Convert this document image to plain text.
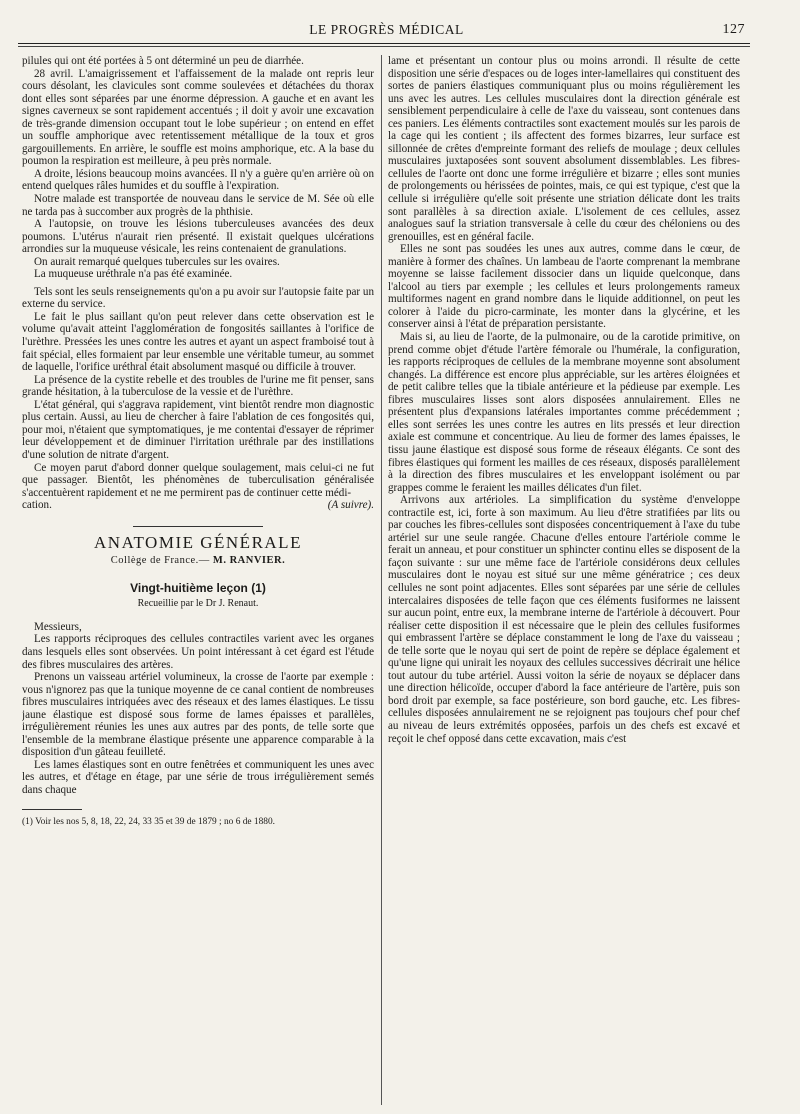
LE PROGRÈS MÉDICAL	127

pilules qui ont été portées à 5 ont déterminé un peu de diarrhée.

28 avril. L'amaigrissement et l'affaissement de la malade ont repris leur cours désolant, les clavicules sont comme soulevées et détachées du thorax dont elles sont séparées par une énorme dépression. A gauche et en avant les signes caverneux se sont rapidement accentués ; il doit y avoir une excavation de très-grande dimension occupant tout le lobe supérieur ; on entend en effet un souffle amphorique avec retentissement métallique de la toux et gros gargouillements. En arrière, le souffle est moins amphorique, etc. A la base du poumon la respiration est meilleure, à peu près normale.

A droite, lésions beaucoup moins avancées. Il n'y a guère qu'en arrière où on entend quelques râles humides et du souffle à l'expiration.

Notre malade est transportée de nouveau dans le service de M. Sée où elle ne tarda pas à succomber aux progrès de la phthisie.

A l'autopsie, on trouve les lésions tuberculeuses avancées des deux poumons. L'utérus n'aurait rien présenté. Il existait quelques ulcérations arrondies sur la muqueuse vésicale, les reins contenaient de granulations.

On aurait remarqué quelques tubercules sur les ovaires.

La muqueuse uréthrale n'a pas été examinée.

Tels sont les seuls renseignements qu'on a pu avoir sur l'autopsie faite par un externe du service.

Le fait le plus saillant qu'on peut relever dans cette observation est le volume qu'avait atteint l'agglomération de fongosités saillantes à l'orifice de l'urèthre. Pressées les unes contre les autres et ayant un aspect framboisé tout à fait spécial, elles formaient par leur ensemble une véritable tumeur, au sommet de laquelle, l'orifice uréthral était absolument masqué ou difficile à trouver.

La présence de la cystite rebelle et des troubles de l'urine me fit penser, sans grande hésitation, à la tuberculose de la vessie et de l'urèthre.

L'état général, qui s'aggrava rapidement, vint bientôt rendre mon diagnostic plus certain. Aussi, au lieu de chercher à faire l'ablation de ces fongosités qui, pour moi, n'étaient que symptomatiques, je me contentai d'essayer de réprimer leur développement et de diminuer l'irritation uréthrale par des instillations d'une solution de nitrate d'argent.

Ce moyen parut d'abord donner quelque soulagement, mais celui-ci ne fut que passager. Bientôt, les phénomènes de tuberculisation généralisée s'accentuèrent rapidement et ne me permirent pas de continuer cette médi-

cation.	(A suivre).
ANATOMIE GÉNÉRALE
Collège de France.— M. RANVIER.
Vingt-huitième leçon (1)
Recueillie par le Dr J. Renaut.

Messieurs,

Les rapports réciproques des cellules contractiles varient avec les organes dans lesquels elles sont observées. Un point intéressant à cet égard est l'étude des fibres musculaires des artères.

Prenons un vaisseau artériel volumineux, la crosse de l'aorte par exemple : vous n'ignorez pas que la tunique moyenne de ce canal contient de nombreuses fibres musculaires intriquées avec des réseaux et des lames élastiques. Le tissu jaune élastique est disposé sous forme de lames épaisses et parallèles, irrégulièrement réunies les unes aux autres par des ponts, de telle sorte que l'ensemble de la membrane élastique présente une apparence comparable à la disposition d'un gâteau feuilleté.

Les lames élastiques sont en outre fenêtrées et communiquent les unes avec les autres, et d'étage en étage, par une série de trous irrégulièrement semés dans chaque

(1) Voir les nos 5, 8, 18, 22, 24, 33 35 et 39 de 1879 ; no 6 de 1880.

lame et présentant un contour plus ou moins arrondi. Il résulte de cette disposition une série d'espaces ou de loges inter-lamellaires qui constituent des sortes de paniers élastiques communiquant plus ou moins régulièrement les uns avec les autres. Les cellules musculaires dont la direction générale est sensiblement perpendiculaire à celle de l'axe du vaisseau, sont contenues dans ces paniers. Les éléments contractiles sont exactement moulés sur les parois de la cage qui les contient ; ils affectent des formes bizarres, leur surface est sillonnée de crêtes d'empreinte formant des reliefs de moulage ; deux cellules musculaires juxtaposées sont souvent absolument dissemblables. Les fibres-cellules de l'aorte ont donc une forme irrégulière et bizarre ; elles sont munies de prolongements ou hérissées de pointes, mais, ce qui est typique, c'est que la cellule si irrégulière qu'elle soit présente une striation délicate dont les traits sont parallèles à sa direction axiale. L'isolement de ces cellules, assez analogues sauf la striation transversale à celle du cœur des chéloniens ou des grenouilles, est en général facile.

Elles ne sont pas soudées les unes aux autres, comme dans le cœur, de manière à former des chaînes. Un lambeau de l'aorte comprenant la membrane moyenne se laisse facilement dissocier dans un liquide quelconque, dans l'alcool au tiers par exemple ; les cellules et leurs prolongements rameux multiformes nagent en grand nombre dans le liquide additionnel, on peut les colorer à l'aide du picro-carminate, les monter dans la glycérine, et les conserver ainsi à l'état de préparation persistante.

Mais si, au lieu de l'aorte, de la pulmonaire, ou de la carotide primitive, on prend comme objet d'étude l'artère fémorale ou l'humérale, la configuration, les rapports réciproques de cellules de la membrane moyenne sont absolument changés. La différence est encore plus appréciable, sur les artères éloignées et de petit calibre telles que la tibiale antérieure et la pédieuse par exemple. Les fibres musculaires lisses sont alors disposées annulairement. Elles ne présentent plus d'expansions latérales importantes comme précédemment ; elles sont serrées les unes contre les autres en lits pressés et leur direction axiale est commune et concentrique. Au lieu de former des lames épaisses, le tissu jaune élastique est disposé sous forme de réseaux élégants. Ce sont des fibres élastiques qui forment les mailles de ces réseaux, disposés parallèlement à la direction des fibres musculaires et les enveloppant isolément ou par grappes comme le feraient les mailles délicates d'un filet.

Arrivons aux artérioles. La simplification du système d'enveloppe contractile est, ici, forte à son maximum. Au lieu d'être stratifiées par lits ou par couches les fibres-cellules sont disposées concentriquement à l'axe du tube artériel sur une seule rangée. Chacune d'elles entoure l'artériole comme le ferait un anneau, et pour constituer un sphincter continu elles se disposent de la façon suivante : sur une même face de l'artériole considérons deux cellules musculaires dont le noyau est situé sur une même génératrice ; ces deux cellules ne sont point adjacentes. Elles sont séparées par une série de cellules intercalaires disposées de telle façon que ces éléments fusiformes ne laissent sur aucun point, entre eux, la membrane interne de l'artériole à découvert. Pour réaliser cette disposition il est nécessaire que le plein des cellules fusiformes qui embrassent l'artère se déplace constamment le long de l'axe du vaisseau ; de telle sorte que le noyau qui sert de point de repère se déplace également et qu'une ligne qui unirait les noyaux des cellules successives décrirait une hélice tout autour du tube artériel. Aussi voiton la série de noyaux se déplacer dans une direction hélicoïde, occuper d'abord la face antérieure de l'artère, puis son bord droit par exemple, sa face postérieure, son bord gauche, etc. Les fibres-cellules disposées annulairement ne se rejoignent pas toujours chef pour chef au niveau de leurs extrémités opposées, parfois un des chefs est excavé et reçoit le chef opposé dans cette excavation, mais c'est
